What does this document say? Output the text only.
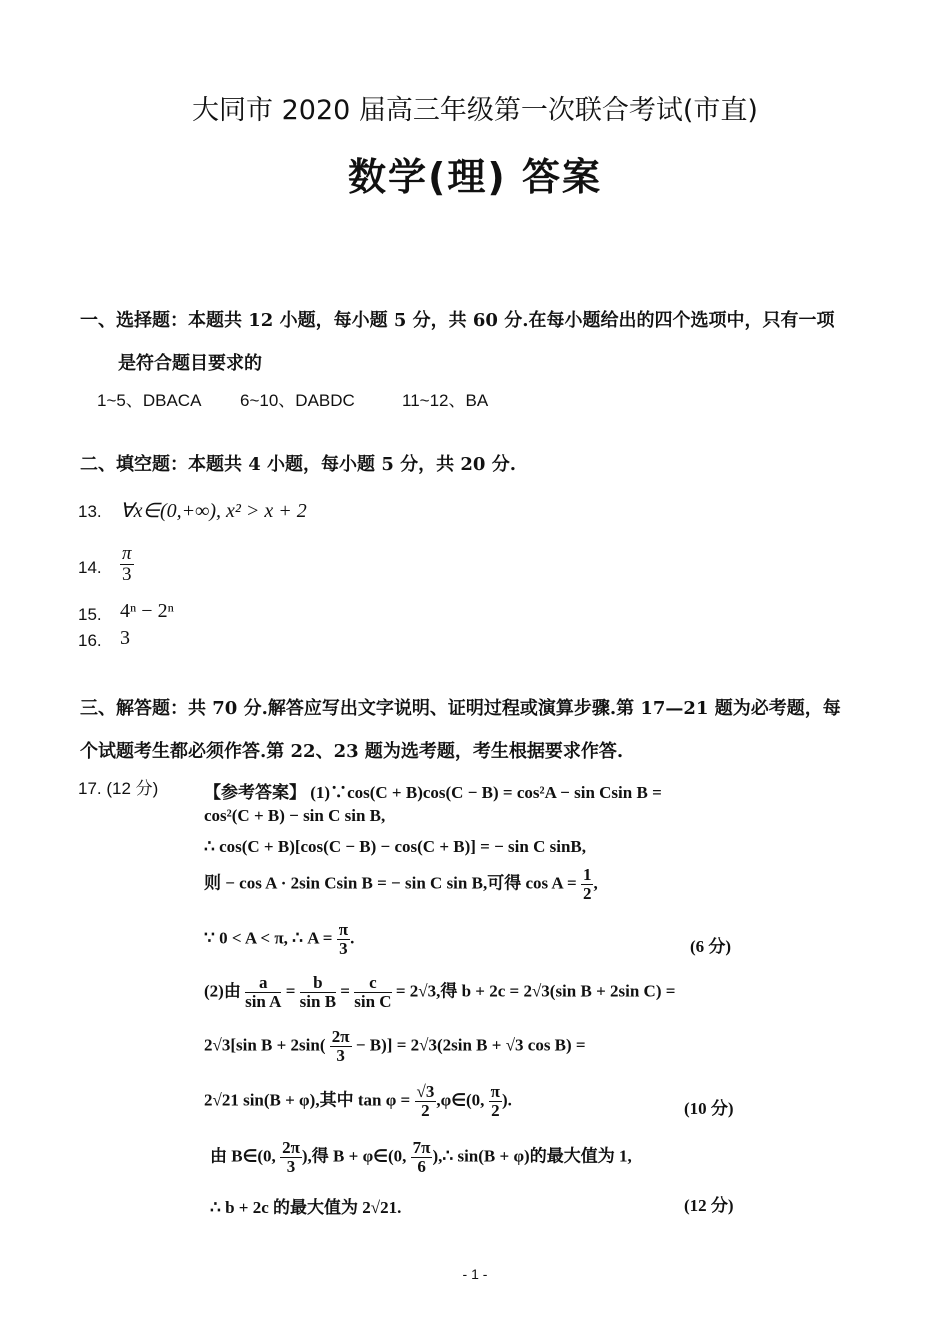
大同市 2020 届高三年级第一次联合考试(市直)
数学(理) 答案
一、选择题：本题共 12 小题，每小题 5 分，共 60 分.在每小题给出的四个选项中，只有一项
是符合题目要求的
1~5、DBACA 6~10、DABDC	11~12、BA
二、填空题：本题共 4 小题，每小题 5 分，共 20 分.
13. ∀x∈(0,+∞), x² > x + 2
14. $\frac{\pi}{3}$
15. 4ⁿ − 2ⁿ
16. 3
三、解答题：共 70 分.解答应写出文字说明、证明过程或演算步骤.第 17—21 题为必考题，每
个试题考生都必须作答.第 22、23 题为选考题，考生根据要求作答.
17. (12 分)	【参考答案】 (1)∵cos(C + B)cos(C − B) = cos²A − sin Csin B =
cos²(C + B) − sin C sin B,
∴ cos(C + B)[cos(C − B) − cos(C + B)] = − sin C sinB,
则 − cos A · 2sin Csin B = − sin C sin B,可得 $\cos A = \frac{1}{2}$ ,
∵ 0 < A < π, ∴ $A = \frac{\pi}{3}$ .	(6 分)
(2)由 $\frac{a}{\text{sin A}} = \frac{b}{\text{sin B}} = \frac{c}{\text{sin C}} = 2√3$,得 b + 2c = 2√3(sin B + 2sin C) =
2√3[sin $B + 2\sin( \frac{2\pi}{3} - B)] = 2√3(2\sin$ B + √3 cos B) =
2√21 sin(B + φ),其中 $\tan \varphi = \frac{√3}{2}$ ,φ∈(0, $\frac{\pi}{2}$ ).	(10 分)
由 B∈(0, $\frac{2\pi}{3}$ ),得 B + φ∈(0, $\frac{7\pi}{6}$ ),∴ sin(B + φ)的最大值为 1,
∴ b + 2c 的最大值为 2√21.	(12 分)
- 1 -
